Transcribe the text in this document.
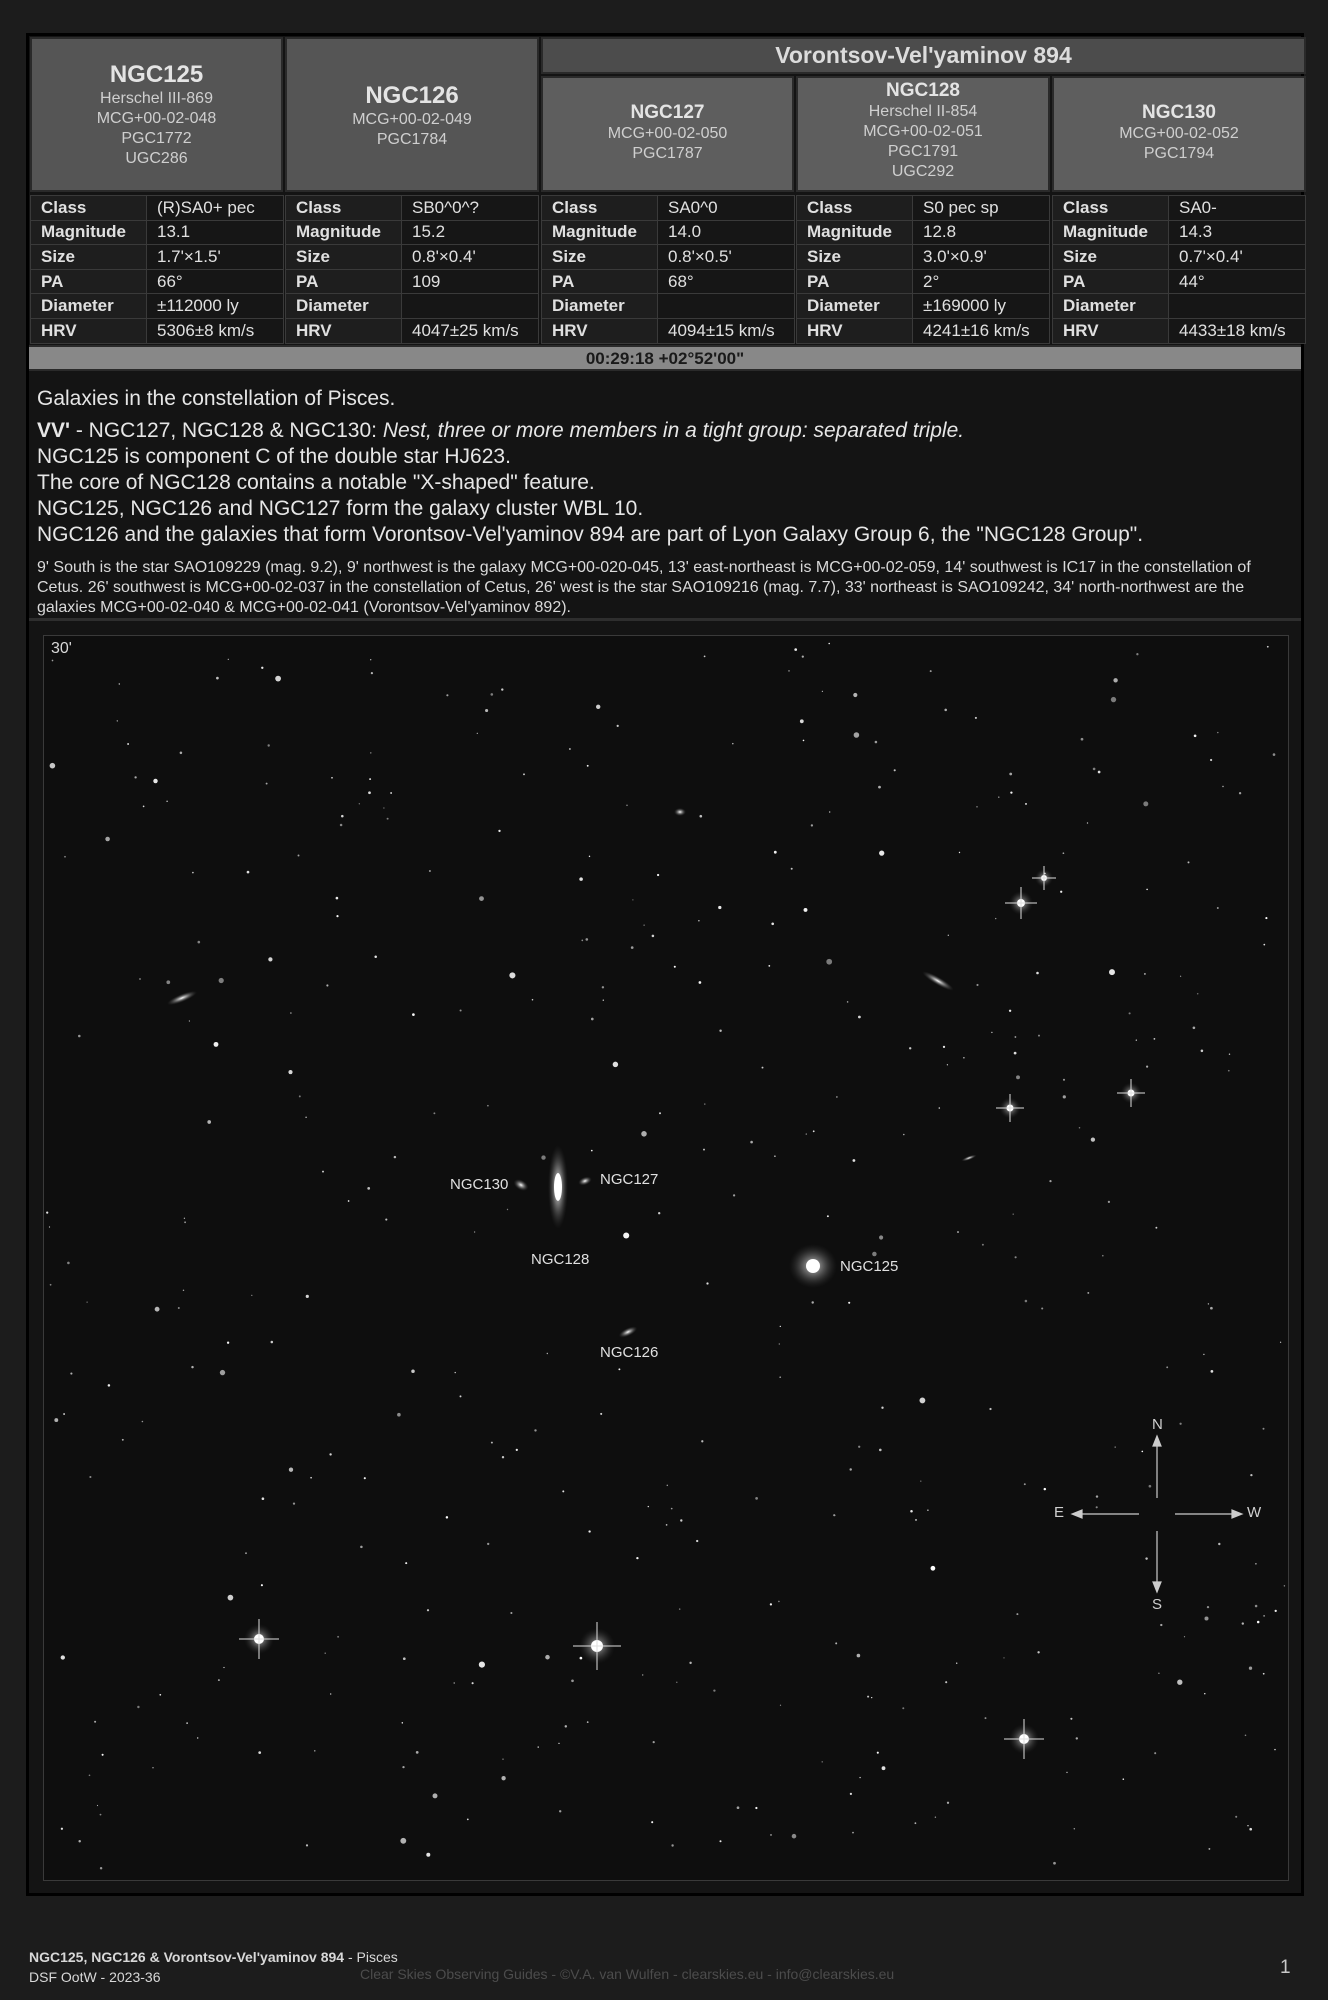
NGC125
Herschel III-869
MCG+00-02-048
PGC1772
UGC286
NGC126
MCG+00-02-049
PGC1784
Vorontsov-Vel'yaminov 894
NGC127
MCG+00-02-050
PGC1787
NGC128
Herschel II-854
MCG+00-02-051
PGC1791
UGC292
NGC130
MCG+00-02-052
PGC1794
Class	(R)SA0+ pec
Magnitude	13.1
Size	1.7'×1.5'
PA	66°
Diameter	±112000 ly
HRV	5306±8 km/s
Class	SB0^0^?
Magnitude	15.2
Size	0.8'×0.4'
PA	109
Diameter	
HRV	4047±25 km/s
Class	SA0^0
Magnitude	14.0
Size	0.8'×0.5'
PA	68°
Diameter	
HRV	4094±15 km/s
Class	S0 pec sp
Magnitude	12.8
Size	3.0'×0.9'
PA	2°
Diameter	±169000 ly
HRV	4241±16 km/s
Class	SA0-
Magnitude	14.3
Size	0.7'×0.4'
PA	44°
Diameter	
HRV	4433±18 km/s
00:29:18 +02°52'00"

Galaxies in the constellation of Pisces.

VV' - NGC127, NGC128 & NGC130: Nest, three or more members in a tight group: separated triple.

NGC125 is component C of the double star HJ623.

The core of NGC128 contains a notable "X-shaped" feature.

NGC125, NGC126 and NGC127 form the galaxy cluster WBL 10.

NGC126 and the galaxies that form Vorontsov-Vel'yaminov 894 are part of Lyon Galaxy Group 6, the "NGC128 Group".

9' South is the star SAO109229 (mag. 9.2), 9' northwest is the galaxy MCG+00-020-045, 13' east-northeast is MCG+00-02-059, 14' southwest is IC17 in the constellation of Cetus. 26' southwest is MCG+00-02-037 in the constellation of Cetus, 26' west is the star SAO109216 (mag. 7.7), 33' northeast is SAO109242, 34' north-northwest are the galaxies MCG+00-02-040 & MCG+00-02-041 (Vorontsov-Vel'yaminov 892).

30'
NGC130	NGC127
NGC128	NGC125
NGC126
N
S
E	W
NGC125, NGC126 & Vorontsov-Vel'yaminov 894 - Pisces
DSF OotW - 2023-36	Clear Skies Observing Guides - ©V.A. van Wulfen - clearskies.eu - info@clearskies.eu	1
